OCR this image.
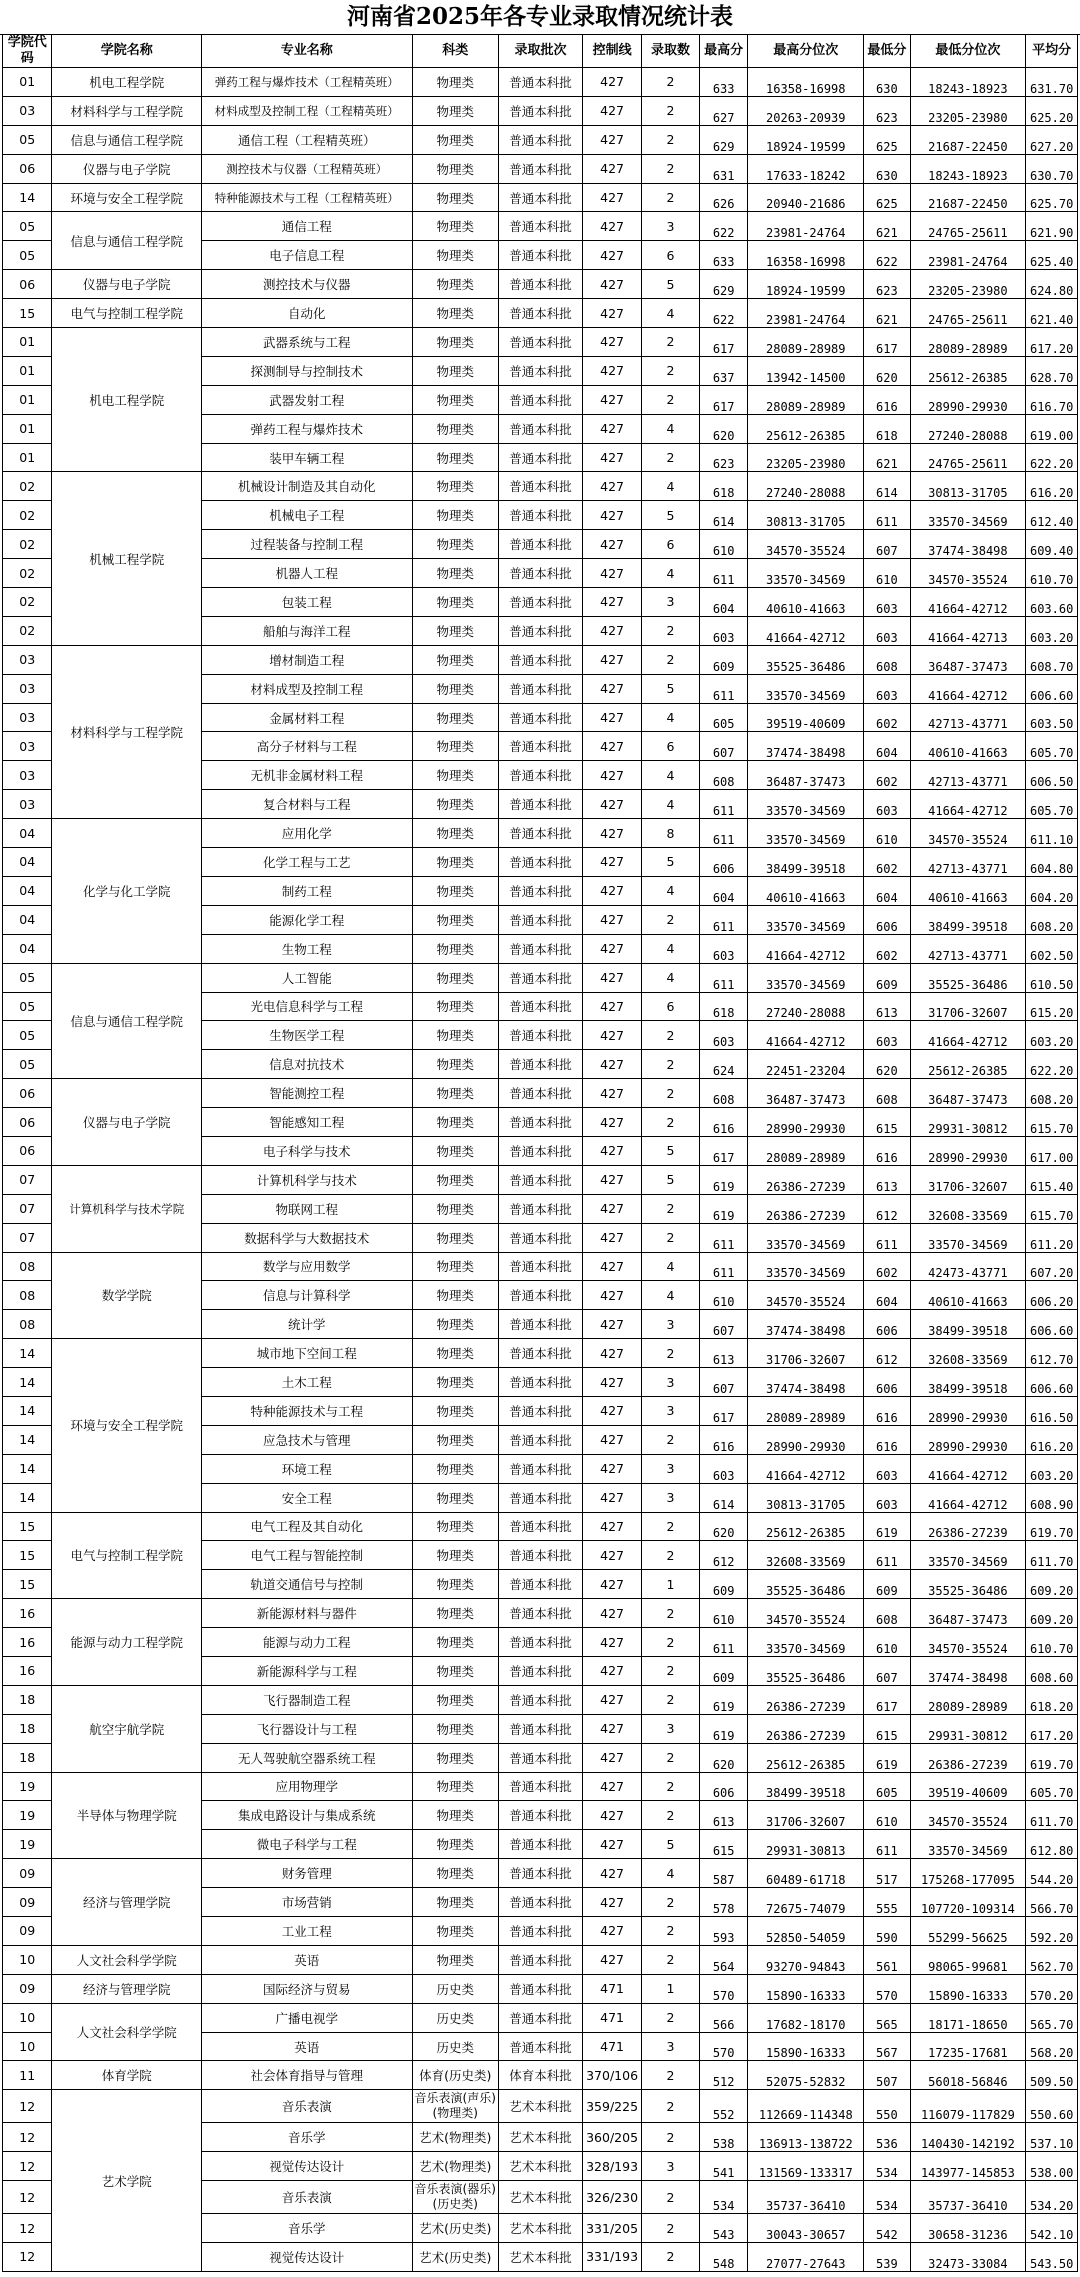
河南省2025年各专业录取情况统计表
学院代码	学院名称	专业名称	科类	录取批次	控制线	录取数	最高分	最高分位次	最低分	最低分位次	平均分
01	机电工程学院	弹药工程与爆炸技术（工程精英班）	物理类	普通本科批	427	2	633	16358-16998	630	18243-18923	631.70
03	材料科学与工程学院	材料成型及控制工程（工程精英班）	物理类	普通本科批	427	2	627	20263-20939	623	23205-23980	625.20
05	信息与通信工程学院	通信工程（工程精英班）	物理类	普通本科批	427	2	629	18924-19599	625	21687-22450	627.20
06	仪器与电子学院	测控技术与仪器（工程精英班）	物理类	普通本科批	427	2	631	17633-18242	630	18243-18923	630.70
14	环境与安全工程学院	特种能源技术与工程（工程精英班）	物理类	普通本科批	427	2	626	20940-21686	625	21687-22450	625.70
05	信息与通信工程学院	通信工程	物理类	普通本科批	427	3	622	23981-24764	621	24765-25611	621.90
05		电子信息工程	物理类	普通本科批	427	6	633	16358-16998	622	23981-24764	625.40
06	仪器与电子学院	测控技术与仪器	物理类	普通本科批	427	5	629	18924-19599	623	23205-23980	624.80
15	电气与控制工程学院	自动化	物理类	普通本科批	427	4	622	23981-24764	621	24765-25611	621.40
01	机电工程学院	武器系统与工程	物理类	普通本科批	427	2	617	28089-28989	617	28089-28989	617.20
01		探测制导与控制技术	物理类	普通本科批	427	2	637	13942-14500	620	25612-26385	628.70
01		武器发射工程	物理类	普通本科批	427	2	617	28089-28989	616	28990-29930	616.70
01		弹药工程与爆炸技术	物理类	普通本科批	427	4	620	25612-26385	618	27240-28088	619.00
01		装甲车辆工程	物理类	普通本科批	427	2	623	23205-23980	621	24765-25611	622.20
02	机械工程学院	机械设计制造及其自动化	物理类	普通本科批	427	4	618	27240-28088	614	30813-31705	616.20
02		机械电子工程	物理类	普通本科批	427	5	614	30813-31705	611	33570-34569	612.40
02		过程装备与控制工程	物理类	普通本科批	427	6	610	34570-35524	607	37474-38498	609.40
02		机器人工程	物理类	普通本科批	427	4	611	33570-34569	610	34570-35524	610.70
02		包装工程	物理类	普通本科批	427	3	604	40610-41663	603	41664-42712	603.60
02		船舶与海洋工程	物理类	普通本科批	427	2	603	41664-42712	603	41664-42713	603.20
03	材料科学与工程学院	增材制造工程	物理类	普通本科批	427	2	609	35525-36486	608	36487-37473	608.70
03		材料成型及控制工程	物理类	普通本科批	427	5	611	33570-34569	603	41664-42712	606.60
03		金属材料工程	物理类	普通本科批	427	4	605	39519-40609	602	42713-43771	603.50
03		高分子材料与工程	物理类	普通本科批	427	6	607	37474-38498	604	40610-41663	605.70
03		无机非金属材料工程	物理类	普通本科批	427	4	608	36487-37473	602	42713-43771	606.50
03		复合材料与工程	物理类	普通本科批	427	4	611	33570-34569	603	41664-42712	605.70
04	化学与化工学院	应用化学	物理类	普通本科批	427	8	611	33570-34569	610	34570-35524	611.10
04		化学工程与工艺	物理类	普通本科批	427	5	606	38499-39518	602	42713-43771	604.80
04		制药工程	物理类	普通本科批	427	4	604	40610-41663	604	40610-41663	604.20
04		能源化学工程	物理类	普通本科批	427	2	611	33570-34569	606	38499-39518	608.20
04		生物工程	物理类	普通本科批	427	4	603	41664-42712	602	42713-43771	602.50
05	信息与通信工程学院	人工智能	物理类	普通本科批	427	4	611	33570-34569	609	35525-36486	610.50
05		光电信息科学与工程	物理类	普通本科批	427	6	618	27240-28088	613	31706-32607	615.20
05		生物医学工程	物理类	普通本科批	427	2	603	41664-42712	603	41664-42712	603.20
05		信息对抗技术	物理类	普通本科批	427	2	624	22451-23204	620	25612-26385	622.20
06	仪器与电子学院	智能测控工程	物理类	普通本科批	427	2	608	36487-37473	608	36487-37473	608.20
06		智能感知工程	物理类	普通本科批	427	2	616	28990-29930	615	29931-30812	615.70
06		电子科学与技术	物理类	普通本科批	427	5	617	28089-28989	616	28990-29930	617.00
07	计算机科学与技术学院	计算机科学与技术	物理类	普通本科批	427	5	619	26386-27239	613	31706-32607	615.40
07		物联网工程	物理类	普通本科批	427	2	619	26386-27239	612	32608-33569	615.70
07		数据科学与大数据技术	物理类	普通本科批	427	2	611	33570-34569	611	33570-34569	611.20
08	数学学院	数学与应用数学	物理类	普通本科批	427	4	611	33570-34569	602	42473-43771	607.20
08		信息与计算科学	物理类	普通本科批	427	4	610	34570-35524	604	40610-41663	606.20
08		统计学	物理类	普通本科批	427	3	607	37474-38498	606	38499-39518	606.60
14	环境与安全工程学院	城市地下空间工程	物理类	普通本科批	427	2	613	31706-32607	612	32608-33569	612.70
14		土木工程	物理类	普通本科批	427	3	607	37474-38498	606	38499-39518	606.60
14		特种能源技术与工程	物理类	普通本科批	427	3	617	28089-28989	616	28990-29930	616.50
14		应急技术与管理	物理类	普通本科批	427	2	616	28990-29930	616	28990-29930	616.20
14		环境工程	物理类	普通本科批	427	3	603	41664-42712	603	41664-42712	603.20
14		安全工程	物理类	普通本科批	427	3	614	30813-31705	603	41664-42712	608.90
15	电气与控制工程学院	电气工程及其自动化	物理类	普通本科批	427	2	620	25612-26385	619	26386-27239	619.70
15		电气工程与智能控制	物理类	普通本科批	427	2	612	32608-33569	611	33570-34569	611.70
15		轨道交通信号与控制	物理类	普通本科批	427	1	609	35525-36486	609	35525-36486	609.20
16	能源与动力工程学院	新能源材料与器件	物理类	普通本科批	427	2	610	34570-35524	608	36487-37473	609.20
16		能源与动力工程	物理类	普通本科批	427	2	611	33570-34569	610	34570-35524	610.70
16		新能源科学与工程	物理类	普通本科批	427	2	609	35525-36486	607	37474-38498	608.60
18	航空宇航学院	飞行器制造工程	物理类	普通本科批	427	2	619	26386-27239	617	28089-28989	618.20
18		飞行器设计与工程	物理类	普通本科批	427	3	619	26386-27239	615	29931-30812	617.20
18		无人驾驶航空器系统工程	物理类	普通本科批	427	2	620	25612-26385	619	26386-27239	619.70
19	半导体与物理学院	应用物理学	物理类	普通本科批	427	2	606	38499-39518	605	39519-40609	605.70
19		集成电路设计与集成系统	物理类	普通本科批	427	2	613	31706-32607	610	34570-35524	611.70
19		微电子科学与工程	物理类	普通本科批	427	5	615	29931-30813	611	33570-34569	612.80
09	经济与管理学院	财务管理	物理类	普通本科批	427	4	587	60489-61718	517	175268-177095	544.20
09		市场营销	物理类	普通本科批	427	2	578	72675-74079	555	107720-109314	566.70
09		工业工程	物理类	普通本科批	427	2	593	52850-54059	590	55299-56625	592.20
10	人文社会科学学院	英语	物理类	普通本科批	427	2	564	93270-94843	561	98065-99681	562.70
09	经济与管理学院	国际经济与贸易	历史类	普通本科批	471	1	570	15890-16333	570	15890-16333	570.20
10	人文社会科学学院	广播电视学	历史类	普通本科批	471	2	566	17682-18170	565	18171-18650	565.70
10		英语	历史类	普通本科批	471	3	570	15890-16333	567	17235-17681	568.20
11	体育学院	社会体育指导与管理	体育(历史类)	体育本科批	370/106	2	512	52075-52832	507	56018-56846	509.50
12	艺术学院	音乐表演	音乐表演(声乐)(物理类)	艺术本科批	359/225	2	552	112669-114348	550	116079-117829	550.60
12		音乐学	艺术(物理类)	艺术本科批	360/205	2	538	136913-138722	536	140430-142192	537.10
12		视觉传达设计	艺术(物理类)	艺术本科批	328/193	3	541	131569-133317	534	143977-145853	538.00
12		音乐表演	音乐表演(器乐)(历史类)	艺术本科批	326/230	2	534	35737-36410	534	35737-36410	534.20
12		音乐学	艺术(历史类)	艺术本科批	331/205	2	543	30043-30657	542	30658-31236	542.10
12		视觉传达设计	艺术(历史类)	艺术本科批	331/193	2	548	27077-27643	539	32473-33084	543.50
